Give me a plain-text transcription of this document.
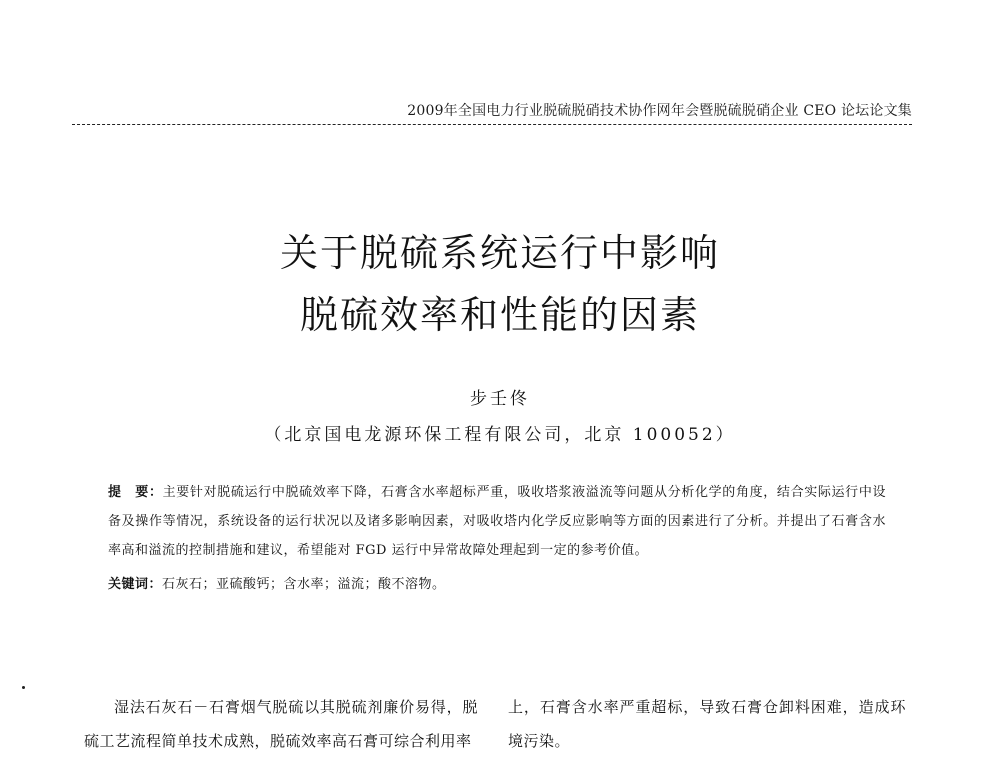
2009年全国电力行业脱硫脱硝技术协作网年会暨脱硫脱硝企业 CEO 论坛论文集
关于脱硫系统运行中影响
脱硫效率和性能的因素
步壬佟
（北京国电龙源环保工程有限公司，北京 100052）
提　要：主要针对脱硫运行中脱硫效率下降，石膏含水率超标严重，吸收塔浆液溢流等问题从分析化学的角度，结合实际运行中设备及操作等情况，系统设备的运行状况以及诸多影响因素，对吸收塔内化学反应影响等方面的因素进行了分析。并提出了石膏含水率高和溢流的控制措施和建议，希望能对 FGD 运行中异常故障处理起到一定的参考价值。
关键词：石灰石；亚硫酸钙；含水率；溢流；酸不溶物。
湿法石灰石－石膏烟气脱硫以其脱硫剂廉价易得，脱硫工艺流程简单技术成熟，脱硫效率高石膏可综合利用率
上，石膏含水率严重超标，导致石膏仓卸料困难，造成环境污染。
